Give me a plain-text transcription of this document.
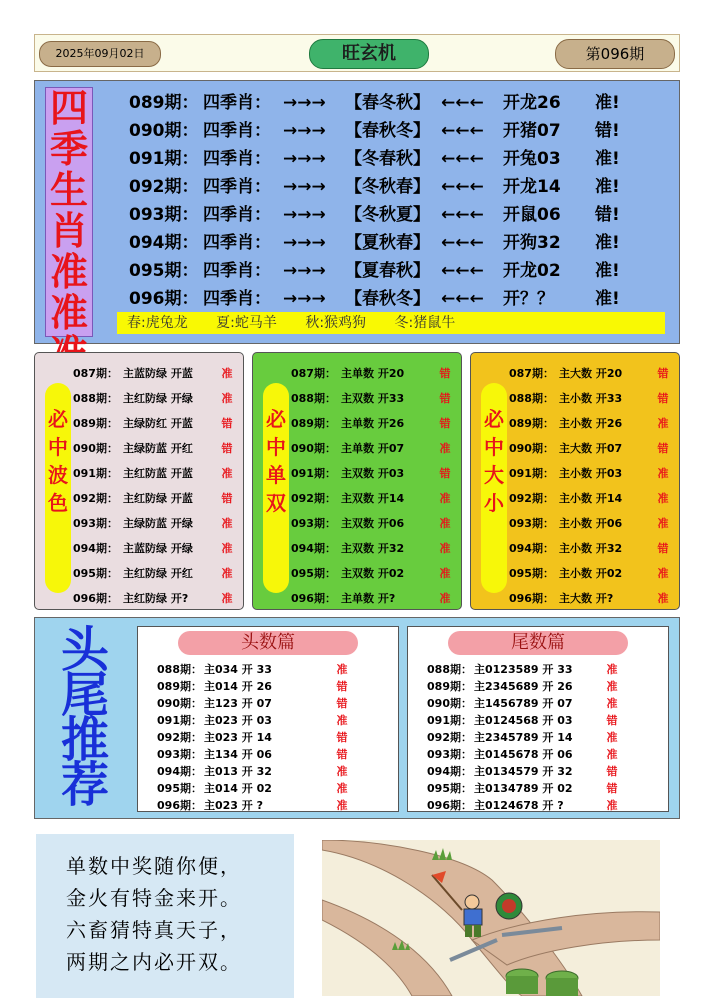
2025年09月02日	旺玄机	第096期
四
季
生
肖
准
准
089期： 四季肖： →→→ 【春冬秋】 ←←← 开龙26 准!
090期： 四季肖： →→→ 【春秋冬】 ←←← 开猪07 错!
091期： 四季肖： →→→ 【冬春秋】 ←←← 开兔03 准!
092期： 四季肖： →→→ 【冬秋春】 ←←← 开龙14 准!
093期： 四季肖： →→→ 【冬秋夏】 ←←← 开鼠06 错!
094期： 四季肖： →→→ 【夏秋春】 ←←← 开狗32 准!
095期： 四季肖： →→→ 【夏春秋】 ←←← 开龙02 准!
096期： 四季肖： →→→ 【春秋冬】 ←←← 开？？ 准!
春:虎兔龙 夏:蛇马羊 秋:猴鸡狗 冬:猪鼠牛
必
中
波
色
087期： 主蓝防绿 开蓝	准
088期： 主红防绿 开绿	准
089期： 主绿防红 开蓝	错
090期： 主绿防蓝 开红	错
091期： 主红防蓝 开蓝	准
092期： 主红防绿 开蓝	错
093期： 主绿防蓝 开绿	准
094期： 主蓝防绿 开绿	准
095期： 主红防绿 开红	准
096期： 主红防绿 开?	准
必
中
单
双
087期： 主单数 开20	错
088期： 主双数 开33	错
089期： 主单数 开26	错
090期： 主单数 开07	准
091期： 主双数 开03	错
092期： 主双数 开14	准
093期： 主双数 开06	准
094期： 主双数 开32	准
095期： 主双数 开02	准
096期： 主单数 开?	准
必
中
大
小
087期： 主大数 开20	错
088期： 主小数 开33	错
089期： 主小数 开26	准
090期： 主大数 开07	错
091期： 主小数 开03	准
092期： 主小数 开14	准
093期： 主小数 开06	准
094期： 主小数 开32	错
095期： 主小数 开02	准
096期： 主大数 开?	准
头
尾
推
荐
头数篇
088期： 主034 开 33	准
089期： 主014 开 26	错
090期： 主123 开 07	错
091期： 主023 开 03	准
092期： 主023 开 14	错
093期： 主134 开 06	错
094期： 主013 开 32	准
095期： 主014 开 02	准
096期： 主023 开 ?	准
尾数篇
088期： 主0123589 开 33	准
089期： 主2345689 开 26	准
090期： 主1456789 开 07	准
091期： 主0124568 开 03	错
092期： 主2345789 开 14	准
093期： 主0145678 开 06	准
094期： 主0134579 开 32	错
095期： 主0134789 开 02	错
096期： 主0124678 开 ?	准
单数中奖随你便，
金火有特金来开。
六畜猜特真天子，
两期之内必开双。
